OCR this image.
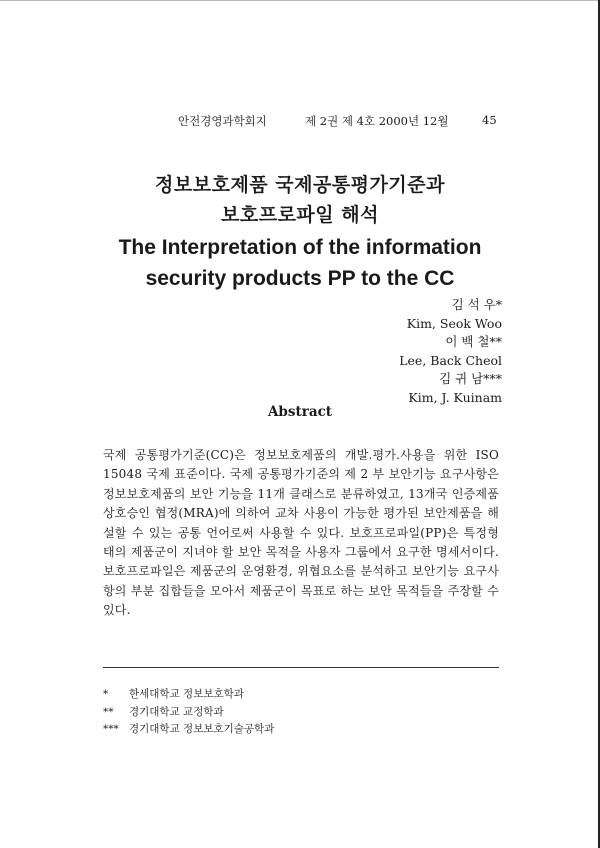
안전경영과학회지	제 2권 제 4호 2000년 12월	45
정보보호제품 국제공통평가기준과
보호프로파일 해석
The Interpretation of the information
security products PP to the CC
김 석 우*
Kim, Seok Woo
이 백 철**
Lee, Back Cheol
김 귀 남***
Kim, J. Kuinam
Abstract
국제 공통평가기준(CC)은 정보보호제품의 개발.평가.사용을 위한 ISO 15048 국제 표준이다. 국제 공통평가기준의 제 2 부 보안기능 요구사항은 정보보호제품의 보안 기능을 11개 클래스로 분류하였고, 13개국 인증제품 상호승인 협정(MRA)에 의하여 교차 사용이 가능한 평가된 보안제품을 해설할 수 있는 공통 언어로써 사용할 수 있다. 보호프로파일(PP)은 특정형태의 제품군이 지녀야 할 보안 목적을 사용자 그룹에서 요구한 명세서이다. 보호프로파일은 제품군의 운영환경, 위협요소를 분석하고 보안기능 요구사항의 부분 집합들을 모아서 제품군이 목표로 하는 보안 목적들을 주장할 수 있다.
* 한세대학교 정보보호학과
** 경기대학교 교정학과
*** 경기대학교 정보보호기술공학과
